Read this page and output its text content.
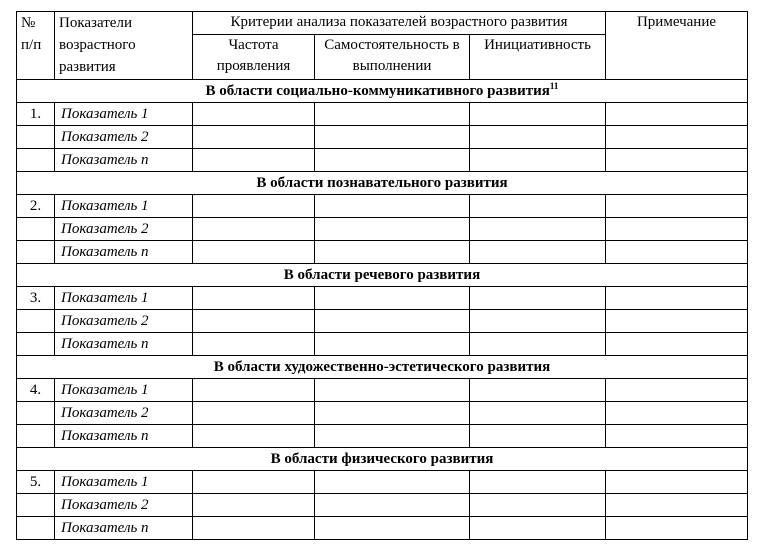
№ п/п	Показатели возрастного развития	Критерии анализа показателей возрастного развития			Примечание
		Частота проявления	Самостоятельность в выполнении	Инициативность	
В области социально-коммуникативного развития$^{11}$
1.	Показатель 1				
	Показатель 2				
	Показатель n				
В области познавательного развития					
2.	Показатель 1				
	Показатель 2				
	Показатель n				
В области речевого развития					
3.	Показатель 1				
	Показатель 2				
	Показатель n				
В области художественно-эстетического развития					
4.	Показатель 1				
	Показатель 2				
	Показатель n				
В области физического развития					
5.	Показатель 1				
	Показатель 2				
	Показатель n				
